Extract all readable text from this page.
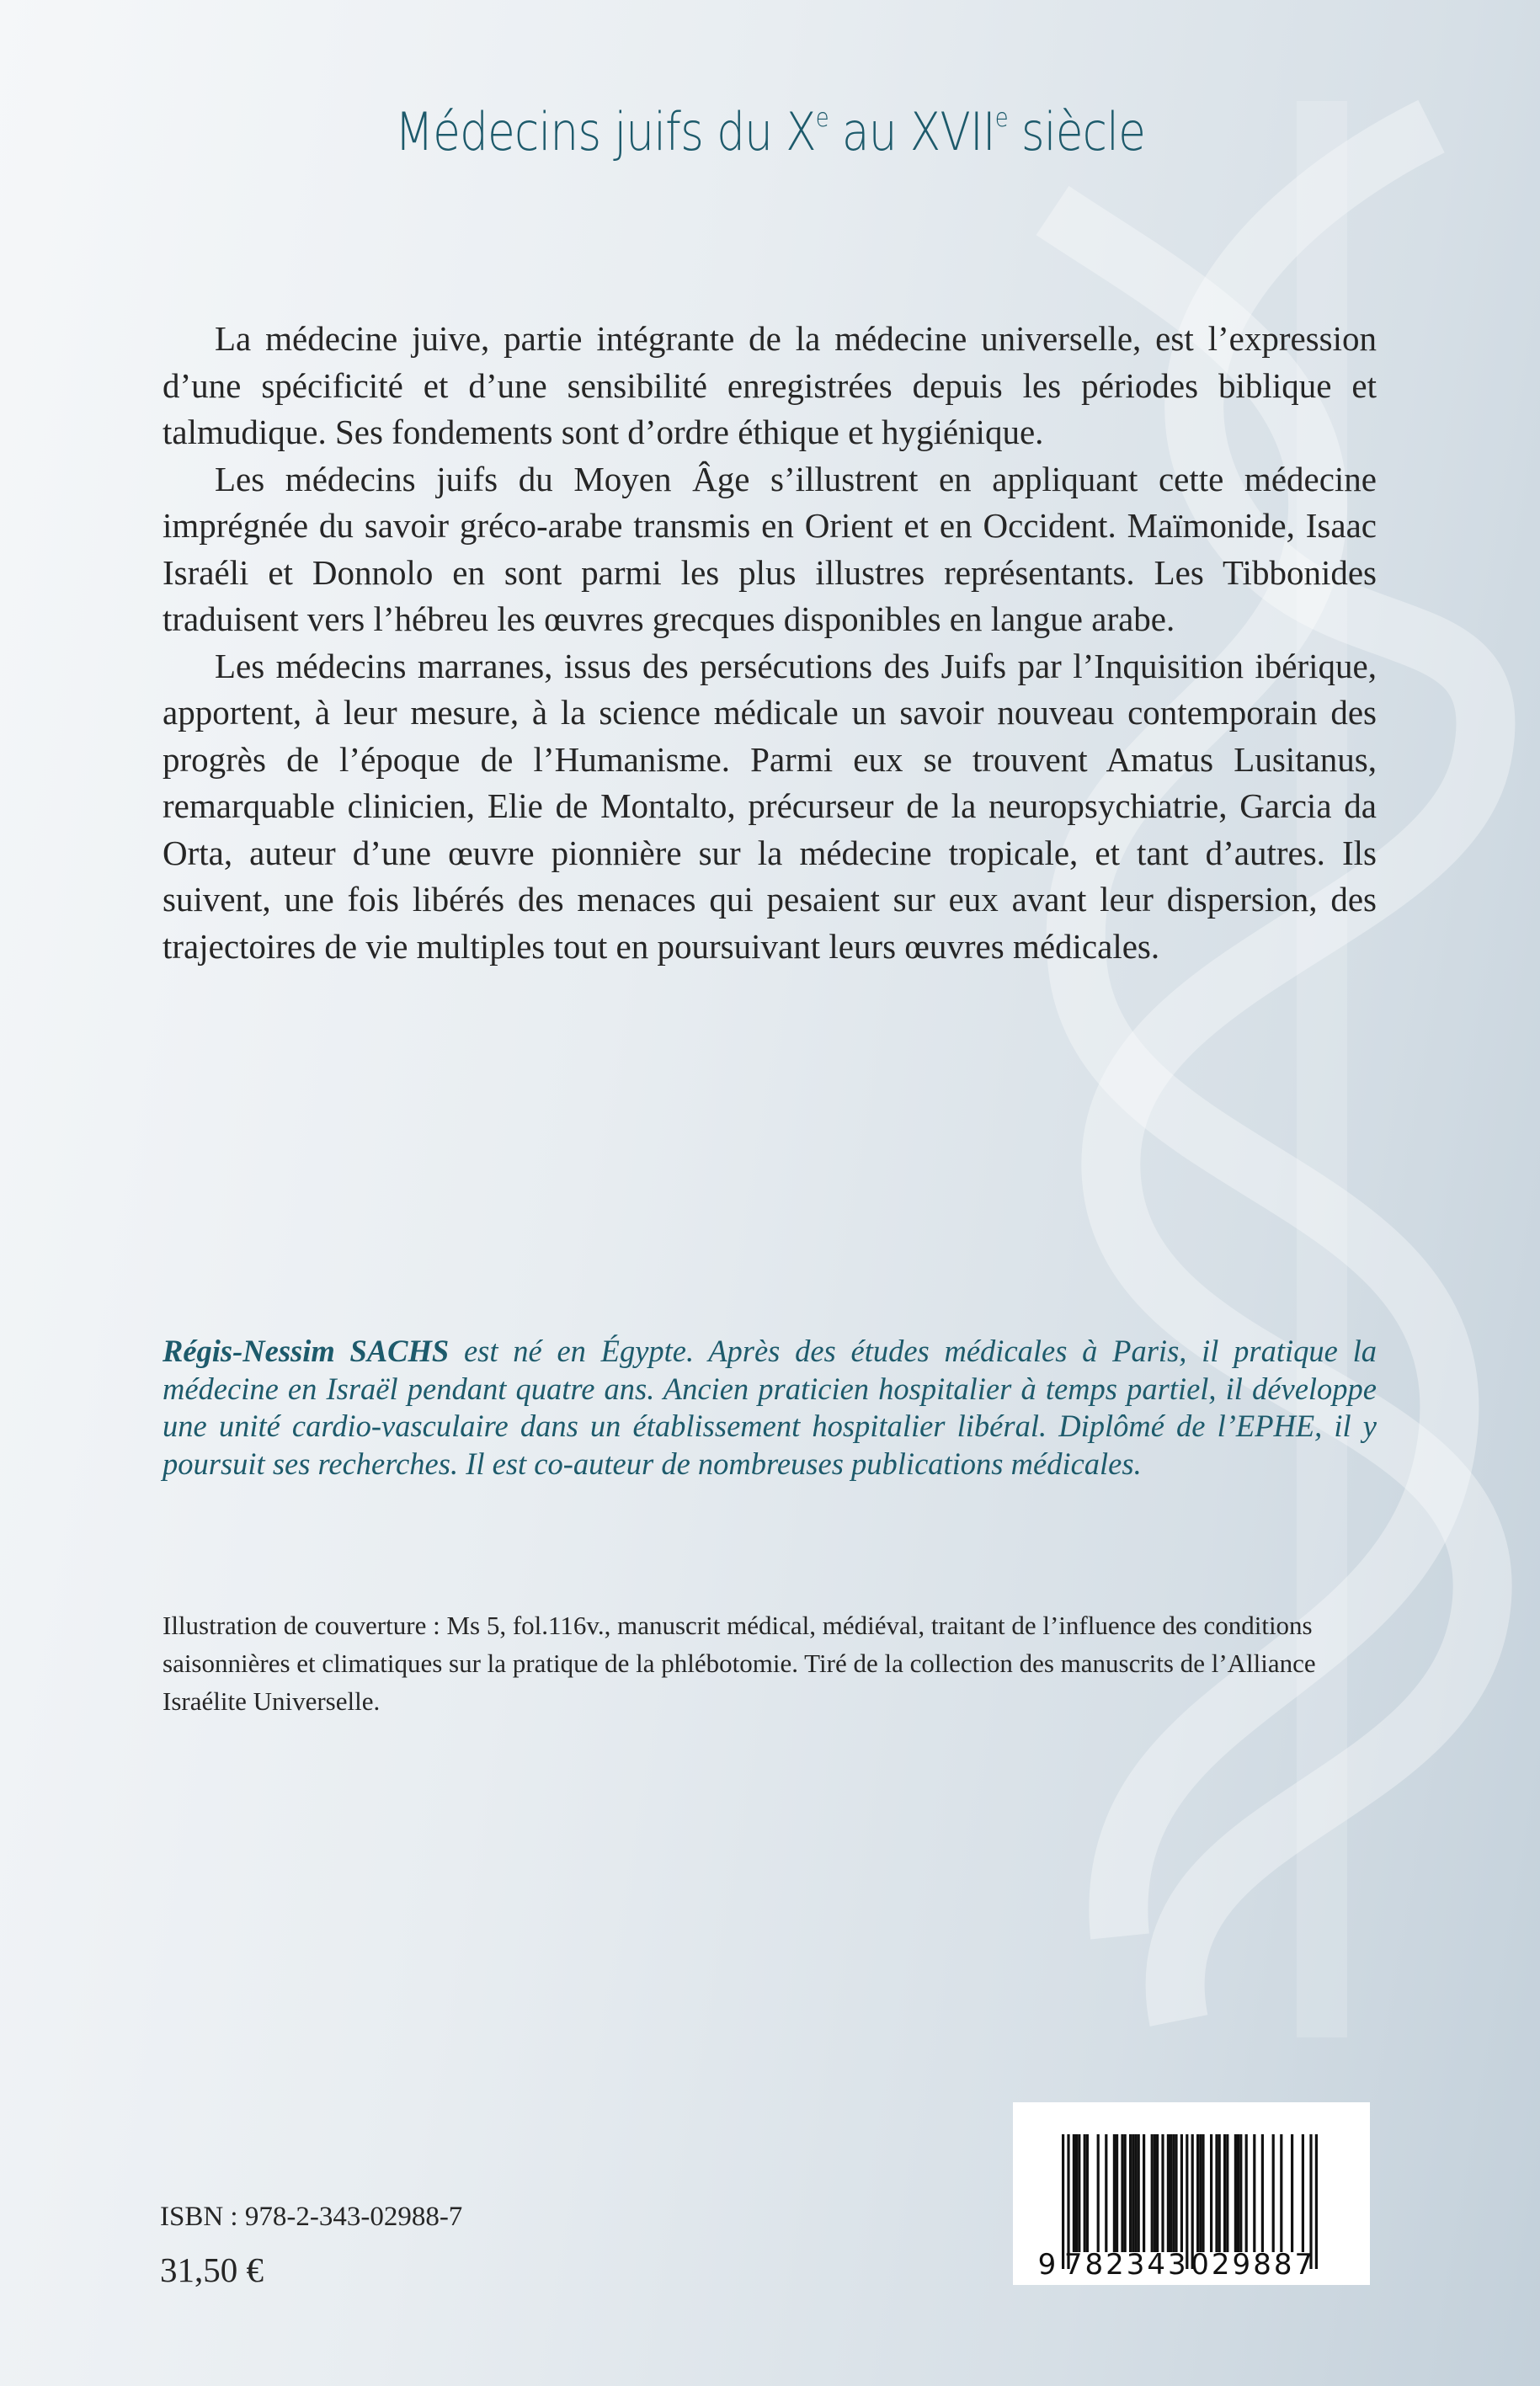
Médecins juifs du Xe au XVIIe siècle

La médecine juive, partie intégrante de la médecine universelle, est l’expression d’une spécificité et d’une sensibilité enregistrées depuis les périodes biblique et talmudique. Ses fondements sont d’ordre éthique et hygiénique.

Les médecins juifs du Moyen Âge s’illustrent en appliquant cette médecine imprégnée du savoir gréco-arabe transmis en Orient et en Occident. Maïmonide, Isaac Israéli et Donnolo en sont parmi les plus illustres représentants. Les Tibbonides traduisent vers l’hébreu les œuvres grecques disponibles en langue arabe.

Les médecins marranes, issus des persécutions des Juifs par l’Inquisition ibérique, apportent, à leur mesure, à la science médicale un savoir nouveau contemporain des progrès de l’époque de l’Humanisme. Parmi eux se trouvent Amatus Lusitanus, remarquable clinicien, Elie de Montalto, précurseur de la neuropsychiatrie, Garcia da Orta, auteur d’une œuvre pionnière sur la médecine tropicale, et tant d’autres. Ils suivent, une fois libérés des menaces qui pesaient sur eux avant leur dispersion, des trajectoires de vie multiples tout en poursuivant leurs œuvres médicales.

Régis-Nessim SACHS est né en Égypte. Après des études médicales à Paris, il pratique la médecine en Israël pendant quatre ans. Ancien praticien hospitalier à temps partiel, il développe une unité cardio-vasculaire dans un établissement hospitalier libéral. Diplômé de l’EPHE, il y poursuit ses recherches. Il est co-auteur de nombreuses publications médicales.
Illustration de couverture : Ms 5, fol.116v., manuscrit médical, médiéval, traitant de l’influence des conditions saisonnières et climatiques sur la pratique de la phlébotomie. Tiré de la collection des manuscrits de l’Alliance Israélite Universelle.
ISBN : 978-2-343-02988-7
31,50 €	9 782343 029887
